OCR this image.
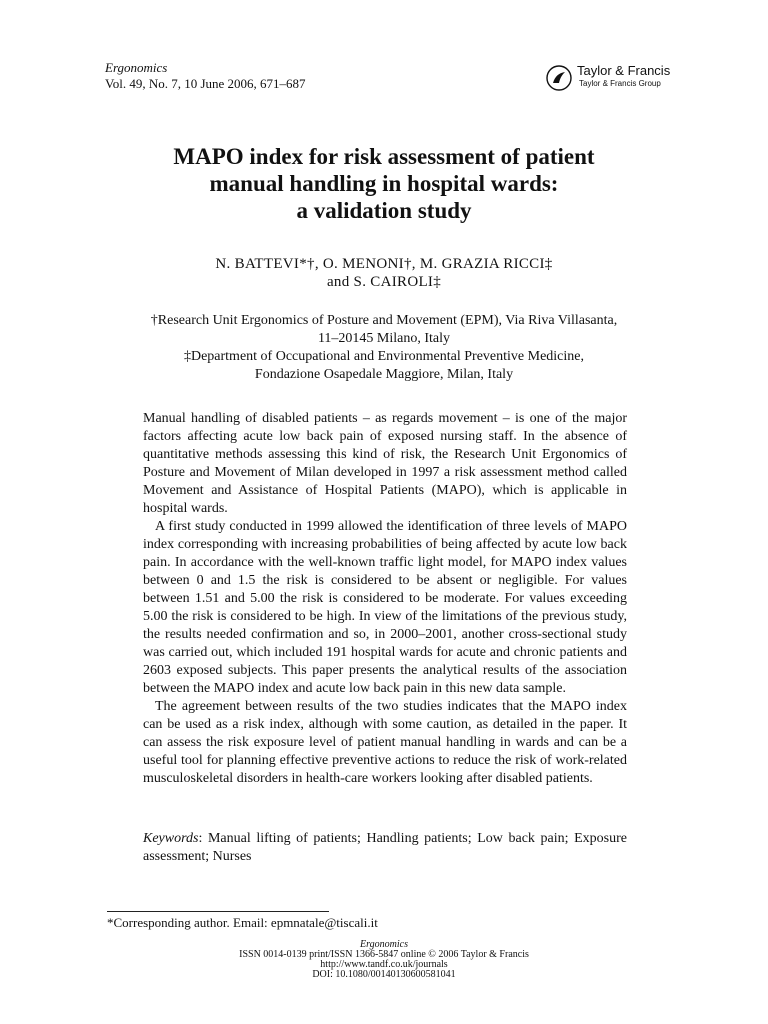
Ergonomics
Vol. 49, No. 7, 10 June 2006, 671–687
Taylor & Francis
Taylor & Francis Group
MAPO index for risk assessment of patient
manual handling in hospital wards:
a validation study
N. BATTEVI*†, O. MENONI†, M. GRAZIA RICCI‡
and S. CAIROLI‡
†Research Unit Ergonomics of Posture and Movement (EPM), Via Riva Villasanta,
11–20145 Milano, Italy
‡Department of Occupational and Environmental Preventive Medicine,
Fondazione Osapedale Maggiore, Milan, Italy

Manual handling of disabled patients – as regards movement – is one of the major factors affecting acute low back pain of exposed nursing staff. In the absence of quantitative methods assessing this kind of risk, the Research Unit Ergonomics of Posture and Movement of Milan developed in 1997 a risk assessment method called Movement and Assistance of Hospital Patients (MAPO), which is applicable in hospital wards.

A first study conducted in 1999 allowed the identification of three levels of MAPO index corresponding with increasing probabilities of being affected by acute low back pain. In accordance with the well-known traffic light model, for MAPO index values between 0 and 1.5 the risk is considered to be absent or negligible. For values between 1.51 and 5.00 the risk is considered to be moderate. For values exceeding 5.00 the risk is considered to be high. In view of the limitations of the previous study, the results needed confirmation and so, in 2000–2001, another cross-sectional study was carried out, which included 191 hospital wards for acute and chronic patients and 2603 exposed subjects. This paper presents the analytical results of the association between the MAPO index and acute low back pain in this new data sample.

The agreement between results of the two studies indicates that the MAPO index can be used as a risk index, although with some caution, as detailed in the paper. It can assess the risk exposure level of patient manual handling in wards and can be a useful tool for planning effective preventive actions to reduce the risk of work-related musculoskeletal disorders in health-care workers looking after disabled patients.

Keywords: Manual lifting of patients; Handling patients; Low back pain; Exposure assessment; Nurses
*Corresponding author. Email: epmnatale@tiscali.it
Ergonomics
ISSN 0014-0139 print/ISSN 1366-5847 online © 2006 Taylor & Francis
http://www.tandf.co.uk/journals
DOI: 10.1080/00140130600581041
